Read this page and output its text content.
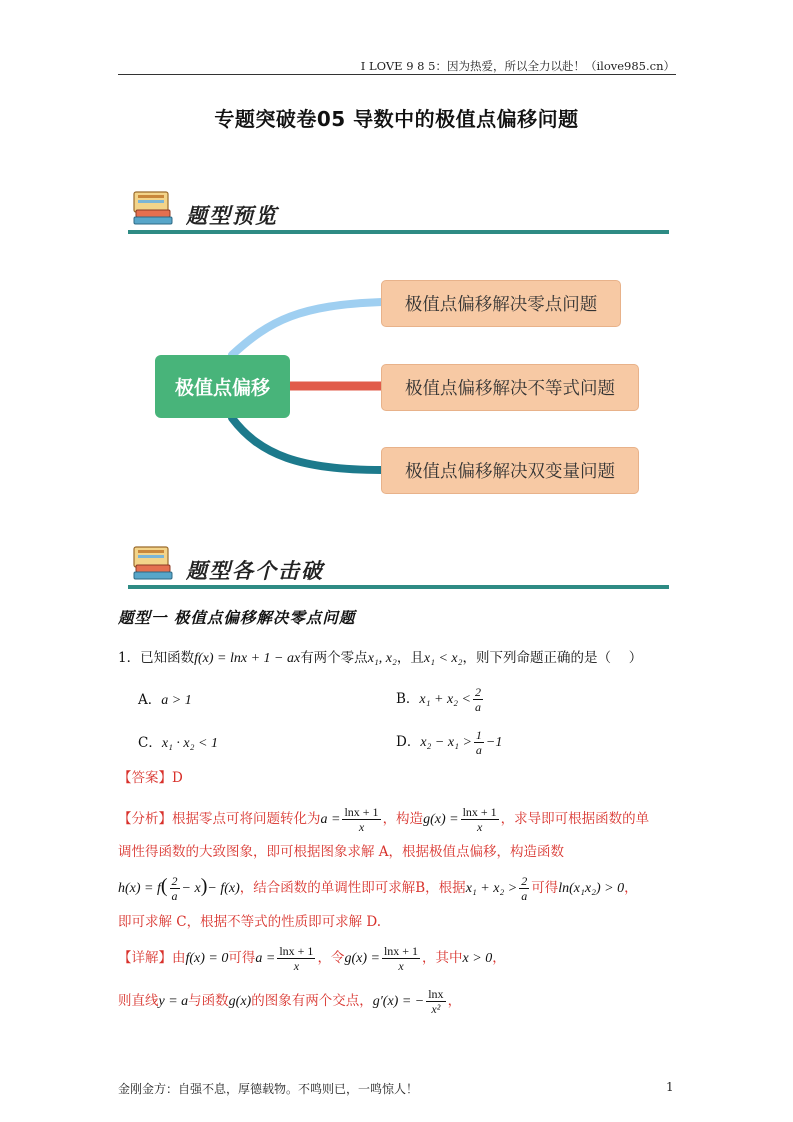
I LOVE 9 8 5：因为热爱，所以全力以赴！（ilove985.cn）
专题突破卷05 导数中的极值点偏移问题
题型预览
极值点偏移
极值点偏移解决零点问题
极值点偏移解决不等式问题
极值点偏移解决双变量问题
题型各个击破
题型一 极值点偏移解决零点问题
1．已知函数f(x) = lnx + 1 − ax有两个零点x₁, x₂，且x₁ < x₂，则下列命题正确的是（　 ）
A．a > 1	B．$x_1 + x_2 < \frac{2}{a}$
C．x₁ · x₂ < 1	D．$x_2 - x_1 > \frac{1}{a} -1$
【答案】D
【分析】根据零点可将问题转化为$a = \frac{\ln x + 1}{x}$ ，构造$g(x) = \frac{\ln x + 1}{x}$ ，求导即可根据函数的单
调性得函数的大致图象，即可根据图象求解 A，根据极值点偏移，构造函数
$h(x) = f( \frac{2}{a} - x)- f(x)$，结合函数的单调性即可求解B，根据$x_1 + x_2 > \frac{2}{a}$ 可得ln(x₁x₂) > 0，
即可求解 C，根据不等式的性质即可求解 D.
【详解】由f(x) = 0可得$a = \frac{\ln x + 1}{x}$ ，令$g(x) = \frac{\ln x + 1}{x}$ ，其中x > 0，
则直线y = a与函数g(x)的图象有两个交点，g′(x) = − $\frac{\ln x}{\text{x²}}$ ，
金刚金方：自强不息，厚德载物。不鸣则已，一鸣惊人！	1
